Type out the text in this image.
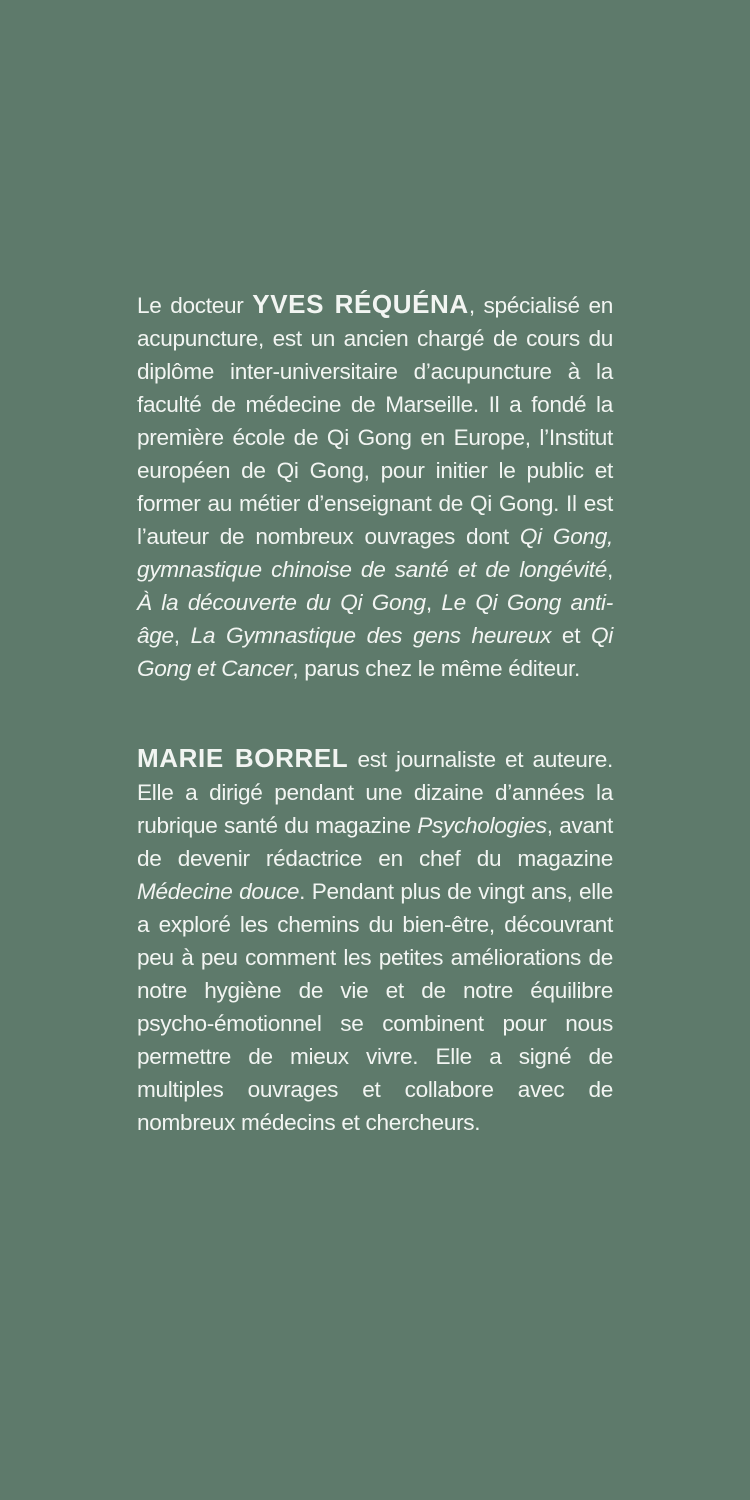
Le docteur YVES RÉQUÉNA, spécialisé en acupuncture, est un ancien chargé de cours du diplôme inter-universitaire d’acupuncture à la faculté de médecine de Marseille. Il a fondé la première école de Qi Gong en Europe, l’Institut européen de Qi Gong, pour initier le public et former au métier d’enseignant de Qi Gong. Il est l’auteur de nombreux ouvrages dont Qi Gong, gymnastique chinoise de santé et de longévité, À la découverte du Qi Gong, Le Qi Gong anti-âge, La Gymnastique des gens heureux et Qi Gong et Cancer, parus chez le même éditeur.

MARIE BORREL est journaliste et auteure. Elle a dirigé pendant une dizaine d’années la rubrique santé du magazine Psychologies, avant de devenir rédactrice en chef du magazine Médecine douce. Pendant plus de vingt ans, elle a exploré les chemins du bien-être, découvrant peu à peu comment les petites améliorations de notre hygiène de vie et de notre équilibre psycho-émotionnel se combinent pour nous permettre de mieux vivre. Elle a signé de multiples ouvrages et collabore avec de nombreux médecins et chercheurs.
